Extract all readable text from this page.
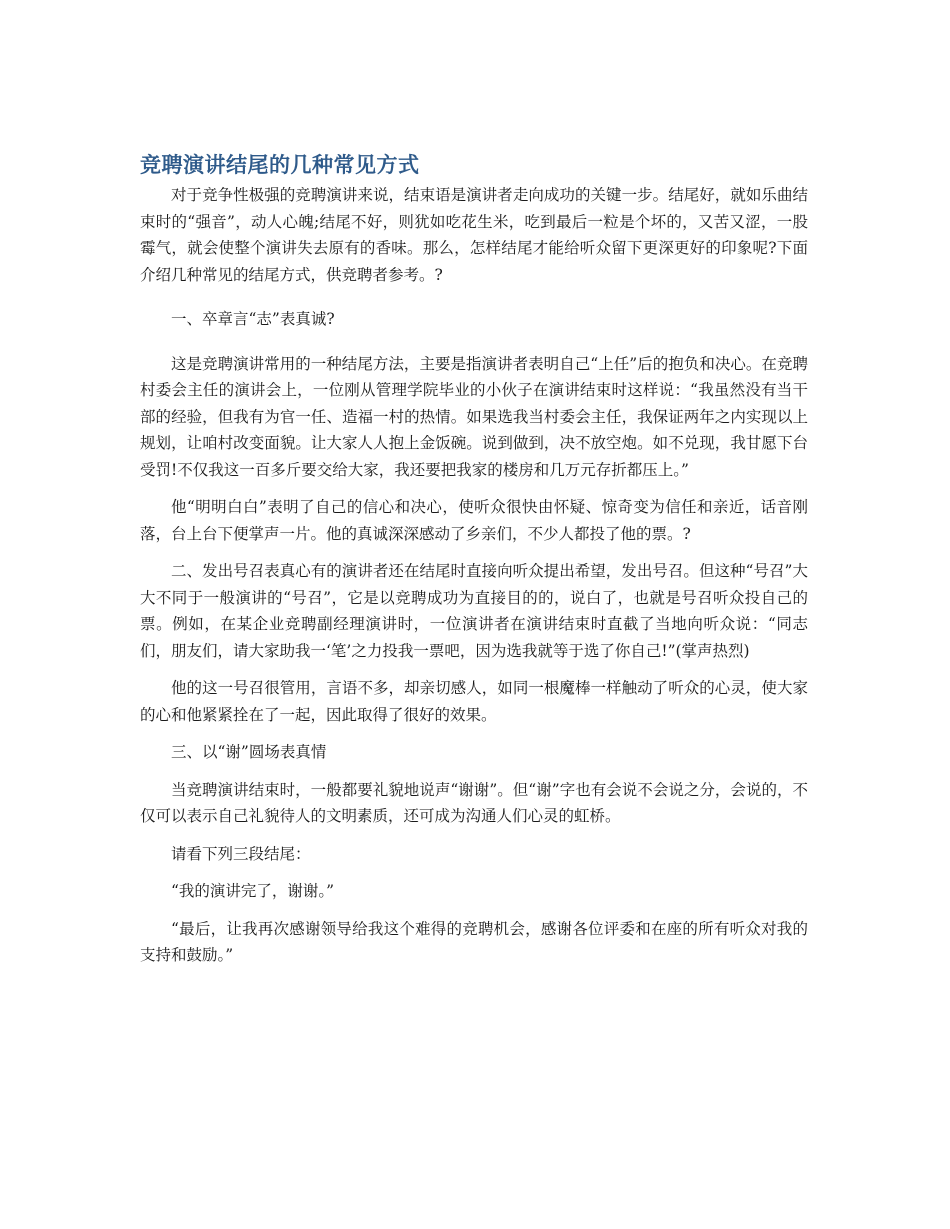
竞聘演讲结尾的几种常见方式

对于竞争性极强的竞聘演讲来说，结束语是演讲者走向成功的关键一步。结尾好，就如乐曲结束时的“强音”，动人心魄;结尾不好，则犹如吃花生米，吃到最后一粒是个坏的，又苦又涩，一股霉气，就会使整个演讲失去原有的香味。那么，怎样结尾才能给听众留下更深更好的印象呢?下面介绍几种常见的结尾方式，供竞聘者参考。?

一、卒章言“志”表真诚?

这是竞聘演讲常用的一种结尾方法，主要是指演讲者表明自己“上任”后的抱负和决心。在竞聘村委会主任的演讲会上，一位刚从管理学院毕业的小伙子在演讲结束时这样说：“我虽然没有当干部的经验，但我有为官一任、造福一村的热情。如果选我当村委会主任，我保证两年之内实现以上规划，让咱村改变面貌。让大家人人抱上金饭碗。说到做到，决不放空炮。如不兑现，我甘愿下台受罚!不仅我这一百多斤要交给大家，我还要把我家的楼房和几万元存折都压上。”

他“明明白白”表明了自己的信心和决心，使听众很快由怀疑、惊奇变为信任和亲近，话音刚落，台上台下便掌声一片。他的真诚深深感动了乡亲们，不少人都投了他的票。?

二、发出号召表真心有的演讲者还在结尾时直接向听众提出希望，发出号召。但这种“号召”大大不同于一般演讲的“号召”，它是以竞聘成功为直接目的的，说白了，也就是号召听众投自己的票。例如，在某企业竞聘副经理演讲时，一位演讲者在演讲结束时直截了当地向听众说：“同志们，朋友们，请大家助我一‘笔’之力投我一票吧，因为选我就等于选了你自己!”(掌声热烈)

他的这一号召很管用，言语不多，却亲切感人，如同一根魔棒一样触动了听众的心灵，使大家的心和他紧紧拴在了一起，因此取得了很好的效果。

三、以“谢”圆场表真情

当竞聘演讲结束时，一般都要礼貌地说声“谢谢”。但“谢”字也有会说不会说之分，会说的，不仅可以表示自己礼貌待人的文明素质，还可成为沟通人们心灵的虹桥。

请看下列三段结尾：

“我的演讲完了，谢谢。”

“最后，让我再次感谢领导给我这个难得的竞聘机会，感谢各位评委和在座的所有听众对我的支持和鼓励。”
